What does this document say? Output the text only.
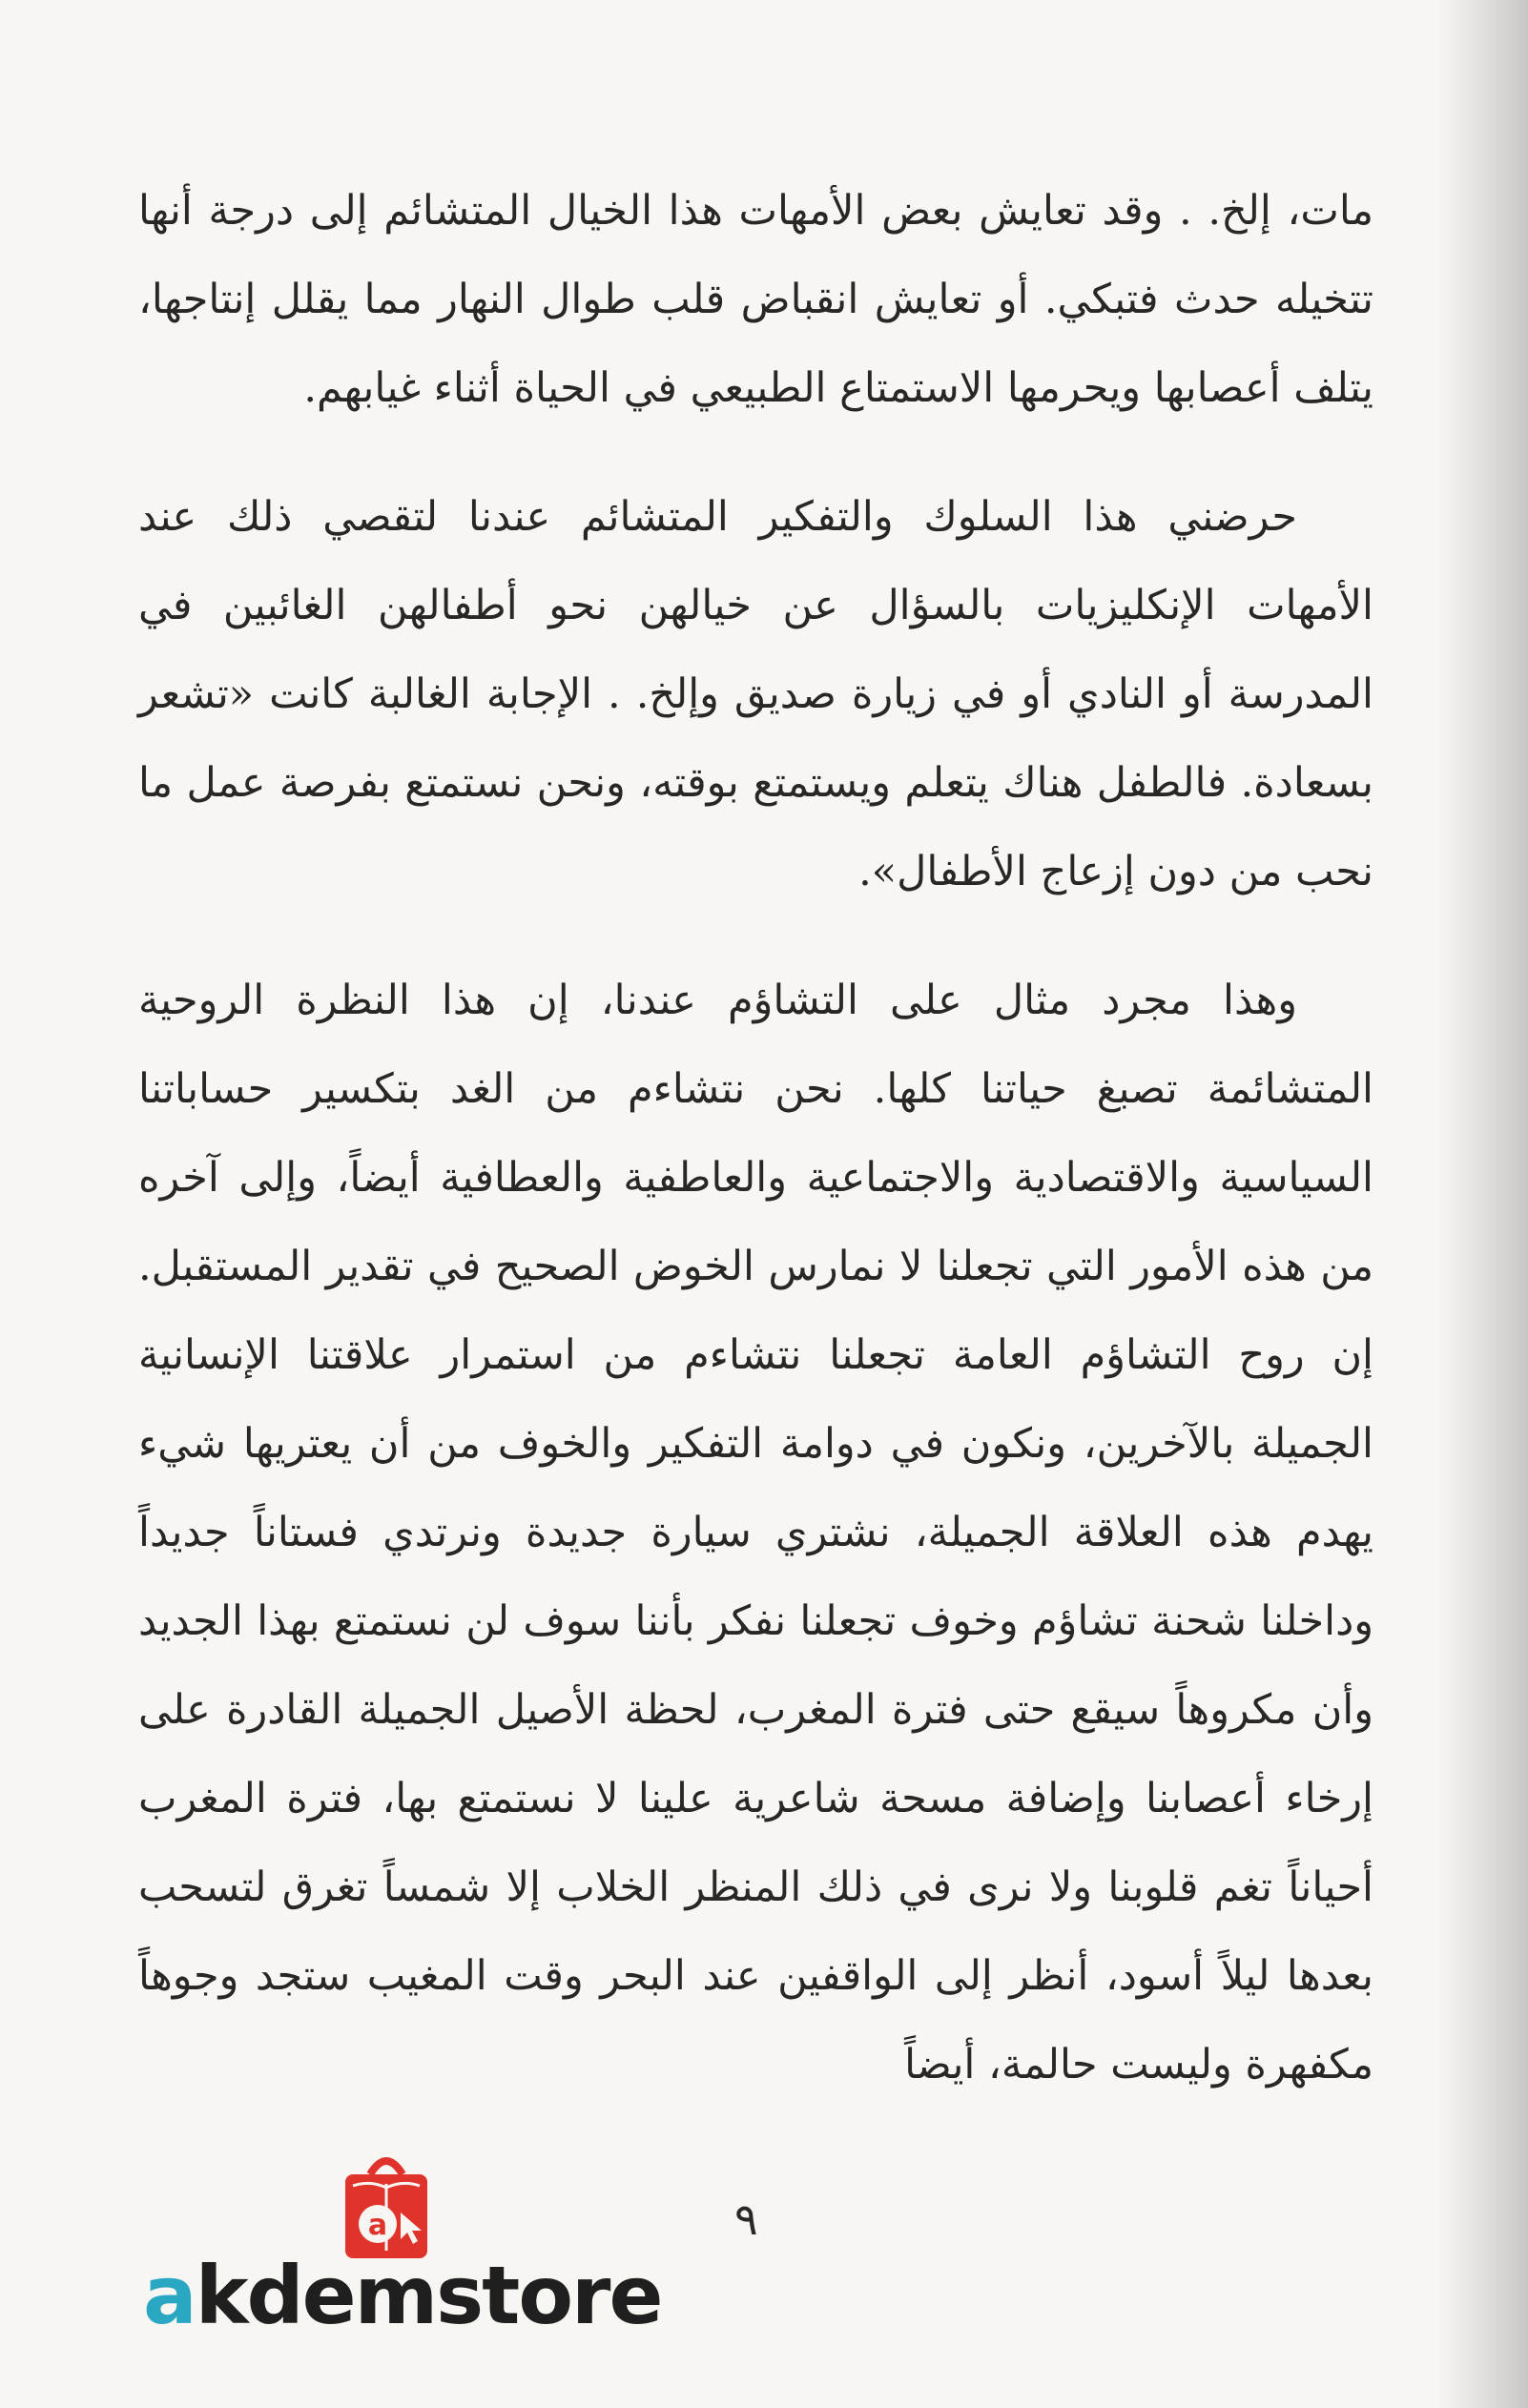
مات، إلخ. . وقد تعايش بعض الأمهات هذا الخيال المتشائم إلى درجة أنها تتخيله حدث فتبكي. أو تعايش انقباض قلب طوال النهار مما يقلل إنتاجها، يتلف أعصابها ويحرمها الاستمتاع الطبيعي في الحياة أثناء غيابهم.

حرضني هذا السلوك والتفكير المتشائم عندنا لتقصي ذلك عند الأمهات الإنكليزيات بالسؤال عن خيالهن نحو أطفالهن الغائبين في المدرسة أو النادي أو في زيارة صديق وإلخ. . الإجابة الغالبة كانت «تشعر بسعادة. فالطفل هناك يتعلم ويستمتع بوقته، ونحن نستمتع بفرصة عمل ما نحب من دون إزعاج الأطفال».

وهذا مجرد مثال على التشاؤم عندنا، إن هذا النظرة الروحية المتشائمة تصبغ حياتنا كلها. نحن نتشاءم من الغد بتكسير حساباتنا السياسية والاقتصادية والاجتماعية والعاطفية والعطافية أيضاً، وإلى آخره من هذه الأمور التي تجعلنا لا نمارس الخوض الصحيح في تقدير المستقبل. إن روح التشاؤم العامة تجعلنا نتشاءم من استمرار علاقتنا الإنسانية الجميلة بالآخرين، ونكون في دوامة التفكير والخوف من أن يعتريها شيء يهدم هذه العلاقة الجميلة، نشتري سيارة جديدة ونرتدي فستاناً جديداً وداخلنا شحنة تشاؤم وخوف تجعلنا نفكر بأننا سوف لن نستمتع بهذا الجديد وأن مكروهاً سيقع حتى فترة المغرب، لحظة الأصيل الجميلة القادرة على إرخاء أعصابنا وإضافة مسحة شاعرية علينا لا نستمتع بها، فترة المغرب أحياناً تغم قلوبنا ولا نرى في ذلك المنظر الخلاب إلا شمساً تغرق لتسحب بعدها ليلاً أسود، أنظر إلى الواقفين عند البحر وقت المغيب ستجد وجوهاً مكفهرة وليست حالمة، أيضاً

٩
a
akdemstore
